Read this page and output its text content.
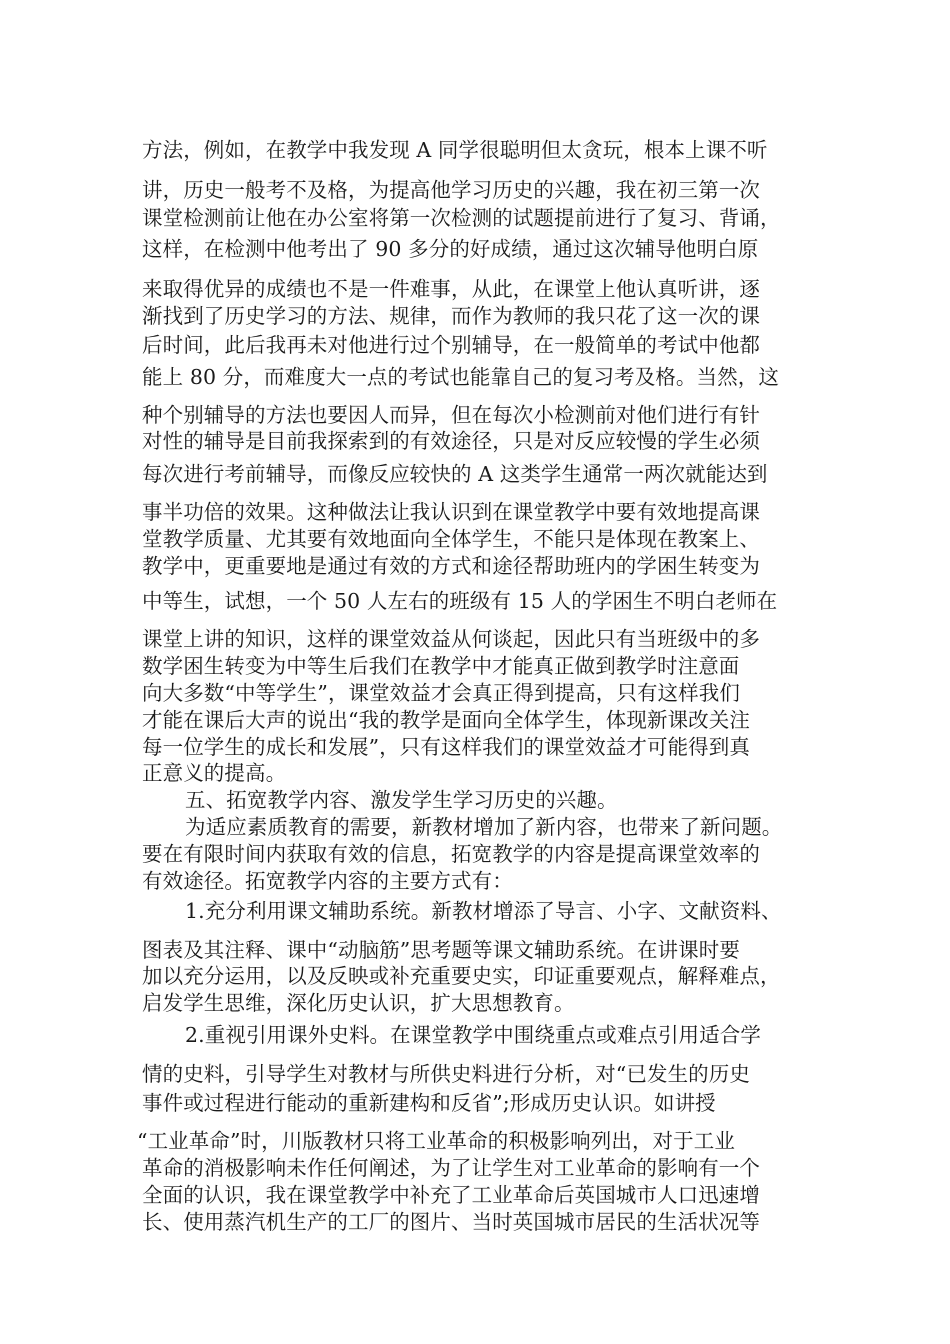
方法，例如，在教学中我发现 A 同学很聪明但太贪玩，根本上课不听
讲，历史一般考不及格，为提高他学习历史的兴趣，我在初三第一次
课堂检测前让他在办公室将第一次检测的试题提前进行了复习、背诵，
这样，在检测中他考出了 90 多分的好成绩，通过这次辅导他明白原
来取得优异的成绩也不是一件难事，从此，在课堂上他认真听讲，逐
渐找到了历史学习的方法、规律，而作为教师的我只花了这一次的课
后时间，此后我再未对他进行过个别辅导，在一般简单的考试中他都
能上 80 分，而难度大一点的考试也能靠自己的复习考及格。当然，这
种个别辅导的方法也要因人而异，但在每次小检测前对他们进行有针
对性的辅导是目前我探索到的有效途径，只是对反应较慢的学生必须
每次进行考前辅导，而像反应较快的 A 这类学生通常一两次就能达到
事半功倍的效果。这种做法让我认识到在课堂教学中要有效地提高课
堂教学质量、尤其要有效地面向全体学生，不能只是体现在教案上、
教学中，更重要地是通过有效的方式和途径帮助班内的学困生转变为
中等生，试想，一个 50 人左右的班级有 15 人的学困生不明白老师在
课堂上讲的知识，这样的课堂效益从何谈起，因此只有当班级中的多
数学困生转变为中等生后我们在教学中才能真正做到教学时注意面
向大多数“中等学生”，课堂效益才会真正得到提高，只有这样我们
才能在课后大声的说出“我的教学是面向全体学生，体现新课改关注
每一位学生的成长和发展”，只有这样我们的课堂效益才可能得到真
正意义的提高。
五、拓宽教学内容、激发学生学习历史的兴趣。
为适应素质教育的需要，新教材增加了新内容，也带来了新问题。
要在有限时间内获取有效的信息，拓宽教学的内容是提高课堂效率的
有效途径。拓宽教学内容的主要方式有：
1.充分利用课文辅助系统。新教材增添了导言、小字、文献资料、
图表及其注释、课中“动脑筋”思考题等课文辅助系统。在讲课时要
加以充分运用，以及反映或补充重要史实，印证重要观点，解释难点，
启发学生思维，深化历史认识，扩大思想教育。
2.重视引用课外史料。在课堂教学中围绕重点或难点引用适合学
情的史料，引导学生对教材与所供史料进行分析，对“已发生的历史
事件或过程进行能动的重新建构和反省”;形成历史认识。如讲授
“工业革命”时，川版教材只将工业革命的积极影响列出，对于工业
革命的消极影响未作任何阐述，为了让学生对工业革命的影响有一个
全面的认识，我在课堂教学中补充了工业革命后英国城市人口迅速增
长、使用蒸汽机生产的工厂的图片、当时英国城市居民的生活状况等
